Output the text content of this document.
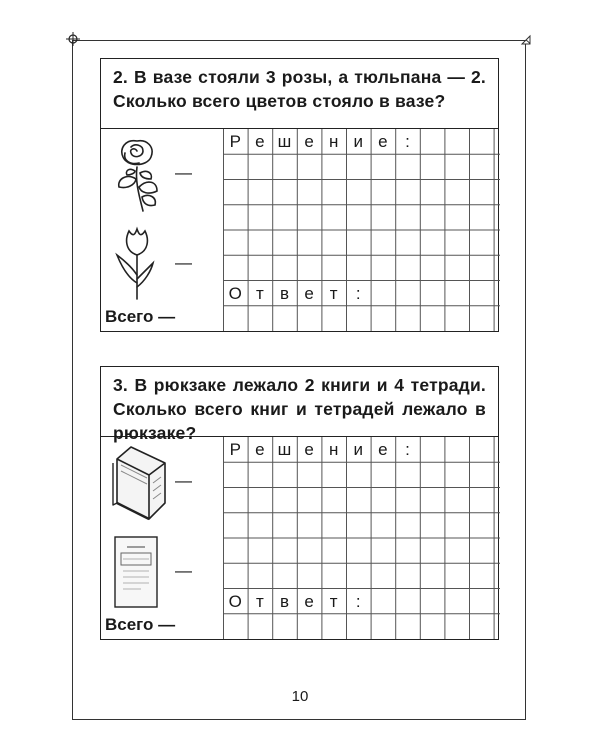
2. В вазе стояли 3 розы, а тюльпана — 2. Сколько всего цветов стояло в вазе?
—
—
Всего —
Р е ш е н и е	:
О т в е т	:
3. В рюкзаке лежало 2 книги и 4 тетради. Сколько всего книг и тетрадей лежало в рюкзаке?
—
—
Всего —
Р е ш е н и е	:
О т в е т	:
10
